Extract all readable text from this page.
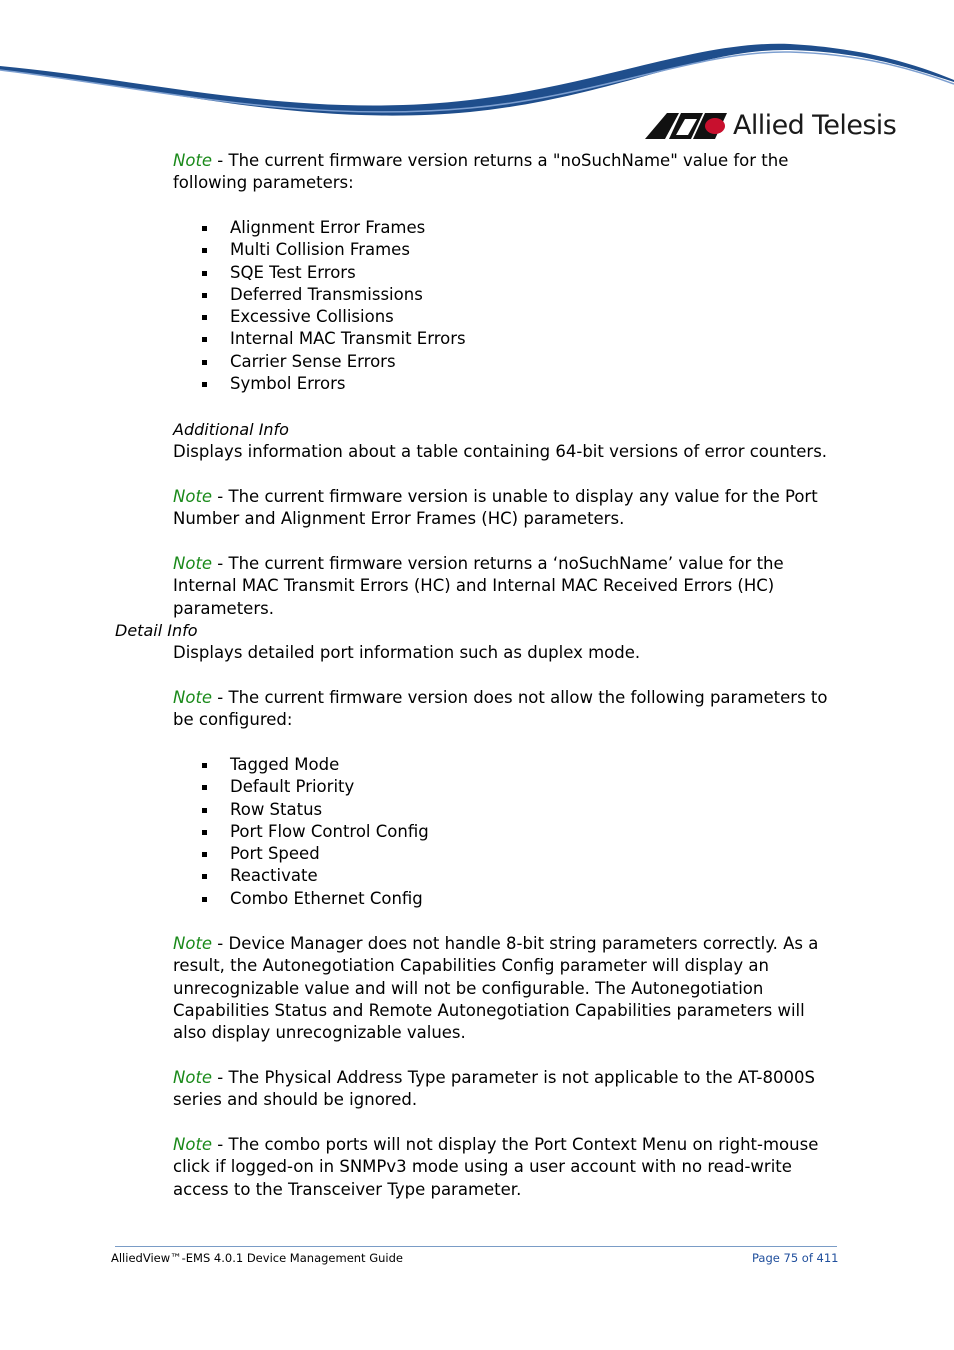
Allied Telesis

Note - The current firmware version returns a "noSuchName" value for the following parameters:

Alignment Error Frames
Multi Collision Frames
SQE Test Errors
Deferred Transmissions
Excessive Collisions
Internal MAC Transmit Errors
Carrier Sense Errors
Symbol Errors
Additional Info

Displays information about a table containing 64-bit versions of error counters.

Note - The current firmware version is unable to display any value for the Port Number and Alignment Error Frames (HC) parameters.

Note - The current firmware version returns a ‘noSuchName’ value for the Internal MAC Transmit Errors (HC) and Internal MAC Received Errors (HC) parameters.

Detail Info

Displays detailed port information such as duplex mode.

Note - The current firmware version does not allow the following parameters to be configured:

Tagged Mode
Default Priority
Row Status
Port Flow Control Config
Port Speed
Reactivate
Combo Ethernet Config

Note - Device Manager does not handle 8-bit string parameters correctly. As a result, the Autonegotiation Capabilities Config parameter will display an unrecognizable value and will not be configurable. The Autonegotiation Capabilities Status and Remote Autonegotiation Capabilities parameters will also display unrecognizable values.

Note - The Physical Address Type parameter is not applicable to the AT-8000S series and should be ignored.

Note - The combo ports will not display the Port Context Menu on right-mouse click if logged-on in SNMPv3 mode using a user account with no read-write access to the Transceiver Type parameter.

AlliedView™-EMS 4.0.1 Device Management Guide	Page 75 of 411
